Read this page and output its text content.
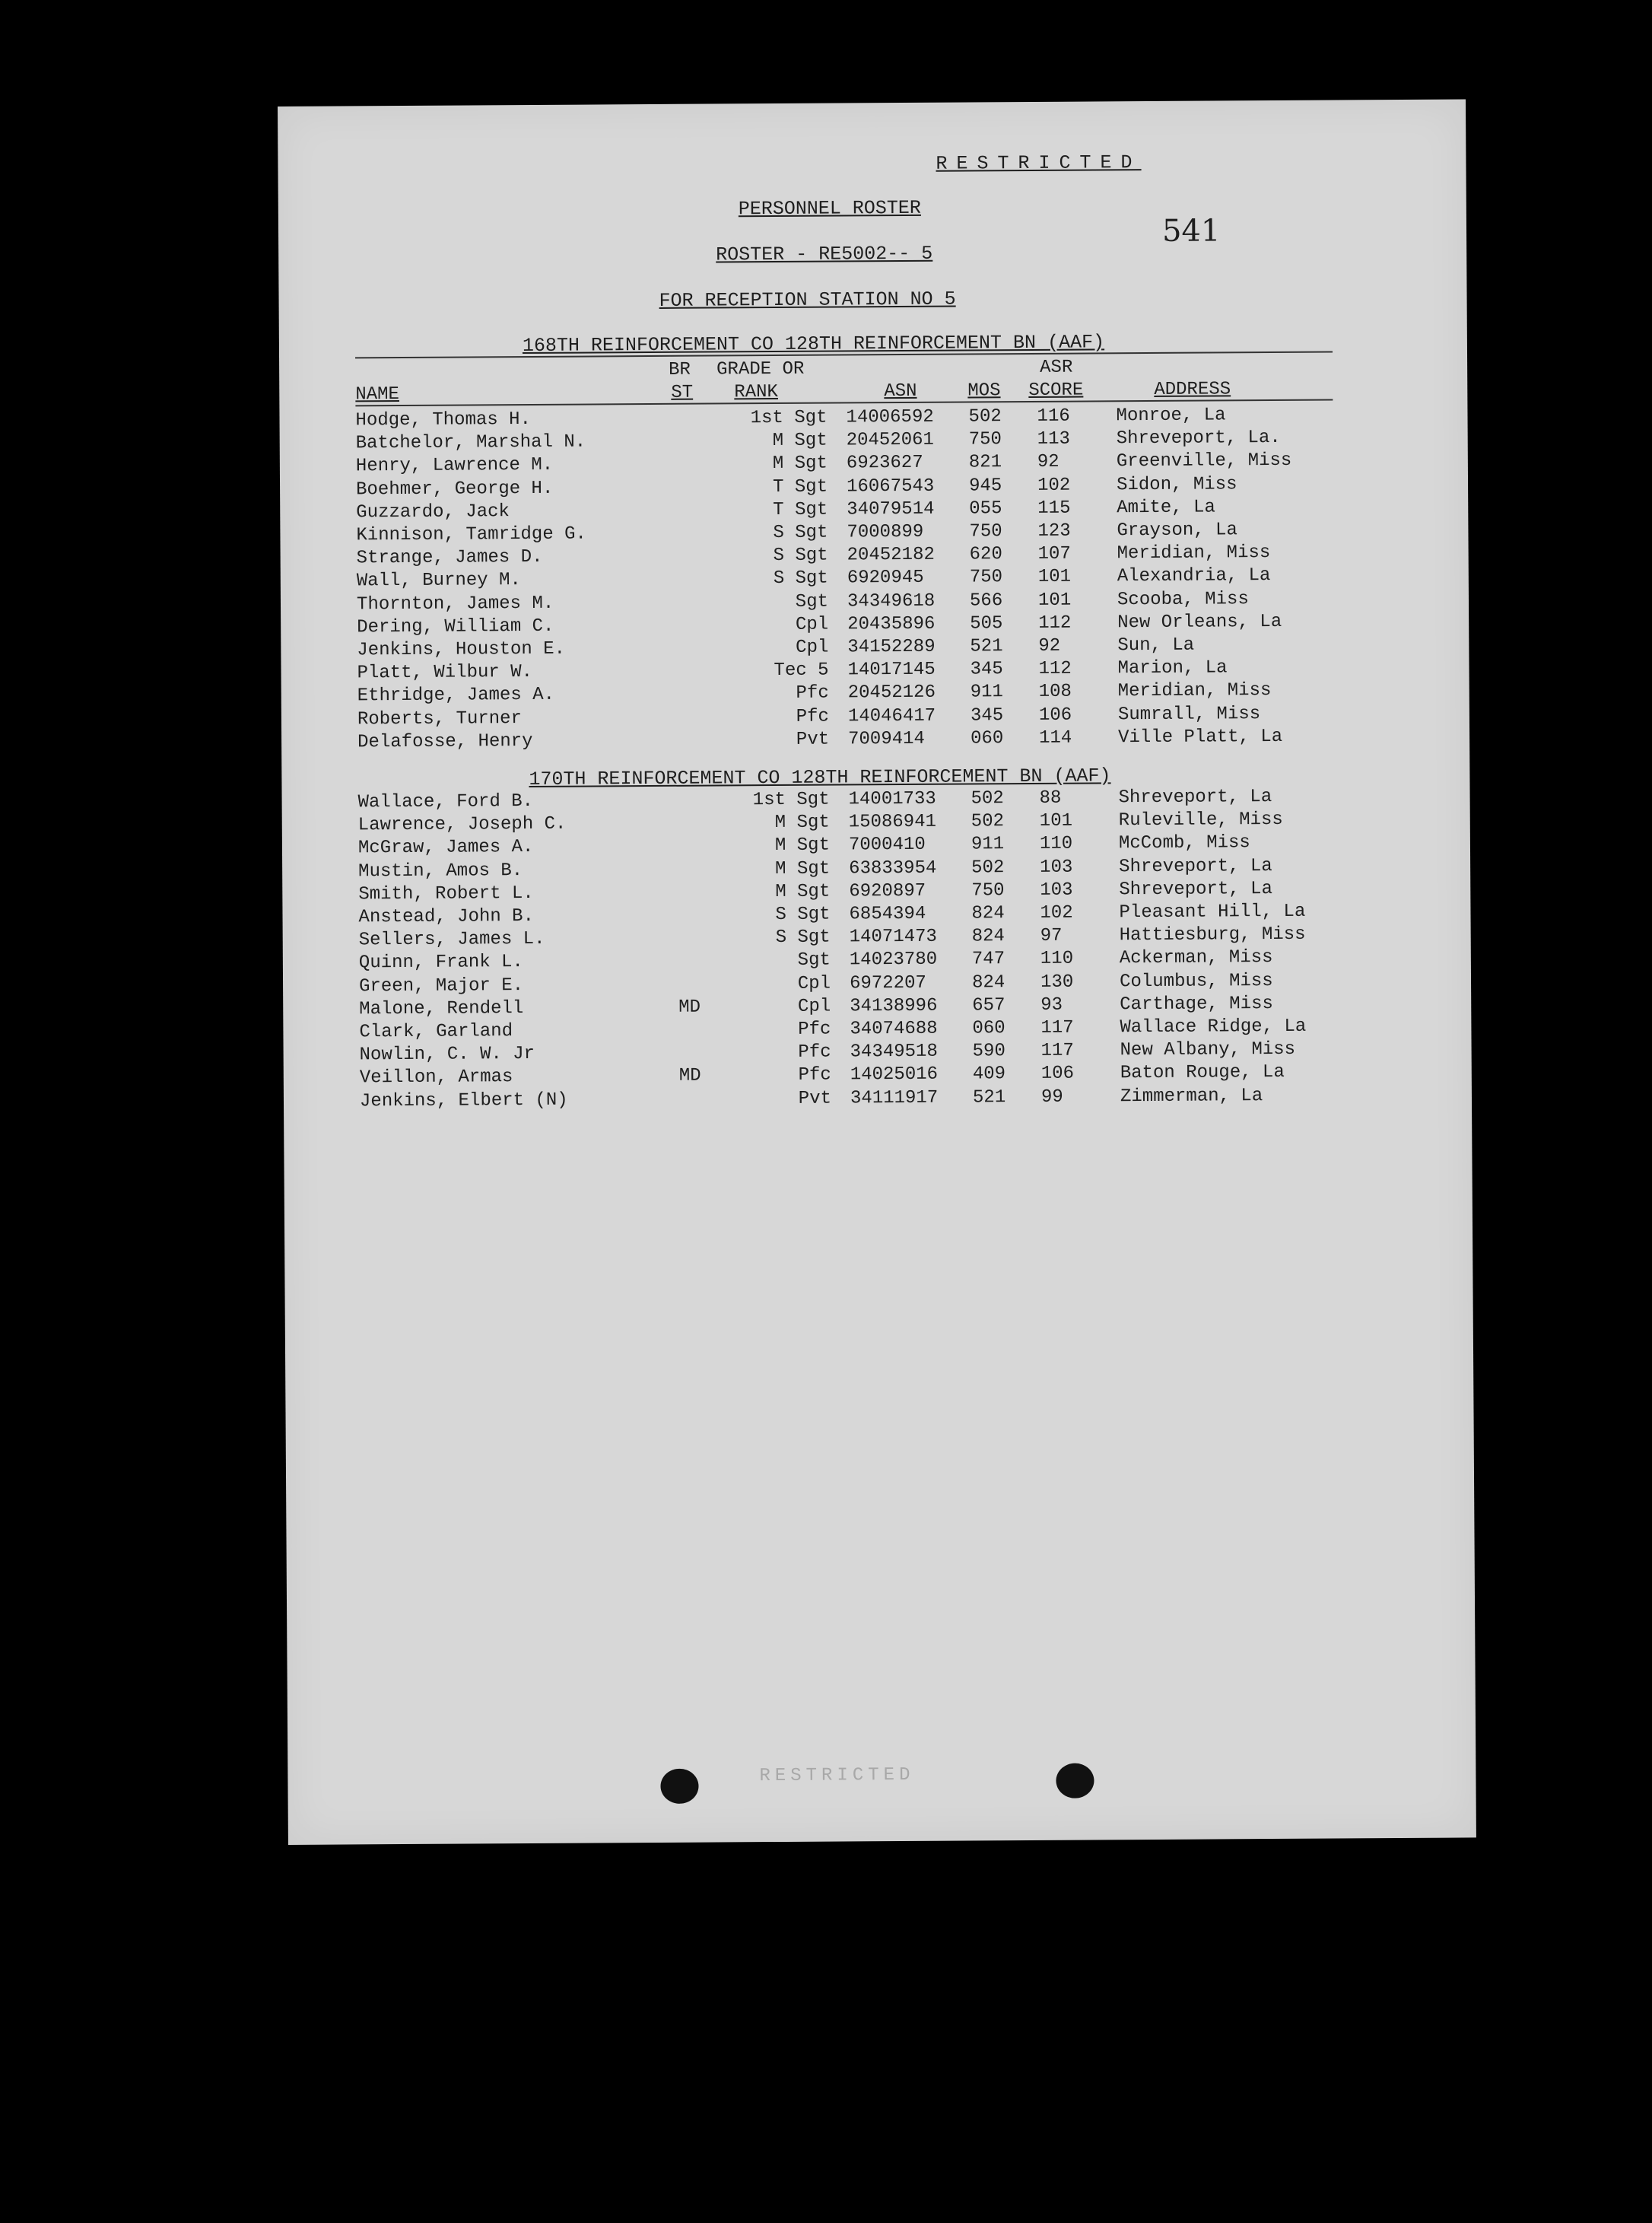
RESTRICTED
PERSONNEL ROSTER
ROSTER - RE5002-- 5
FOR RECEPTION STATION NO 5
541
168TH REINFORCEMENT CO 128TH REINFORCEMENT BN (AAF)
BR GRADE OR	ASR
NAME	ST RANK	ASN	MOS SCORE	ADDRESS
Hodge, Thomas H.	1st Sgt 14006592 502 116	Monroe, La
Batchelor, Marshal N.	M Sgt 20452061 750 113	Shreveport, La.
Henry, Lawrence M.	M Sgt 6923627	821 92	Greenville, Miss
Boehmer, George H.	T Sgt 16067543 945 102	Sidon, Miss
Guzzardo, Jack	T Sgt 34079514 055 115	Amite, La
Kinnison, Tamridge G.	S Sgt 7000899	750 123	Grayson, La
Strange, James D.	S Sgt 20452182 620 107	Meridian, Miss
Wall, Burney M.	S Sgt 6920945	750 101	Alexandria, La
Thornton, James M.	Sgt 34349618 566 101	Scooba, Miss
Dering, William C.	Cpl 20435896 505 112	New Orleans, La
Jenkins, Houston E.	Cpl 34152289 521 92	Sun, La
Platt, Wilbur W.	Tec 5 14017145 345 112	Marion, La
Ethridge, James A.	Pfc 20452126 911 108	Meridian, Miss
Roberts, Turner	Pfc 14046417 345 106	Sumrall, Miss
Delafosse, Henry	Pvt 7009414	060 114	Ville Platt, La
170TH REINFORCEMENT CO 128TH REINFORCEMENT BN (AAF)
Wallace, Ford B.	1st Sgt 14001733 502 88	Shreveport, La
Lawrence, Joseph C.	M Sgt 15086941 502 101	Ruleville, Miss
McGraw, James A.	M Sgt 7000410	911 110	McComb, Miss
Mustin, Amos B.	M Sgt 63833954 502 103	Shreveport, La
Smith, Robert L.	M Sgt 6920897	750 103	Shreveport, La
Anstead, John B.	S Sgt 6854394	824 102	Pleasant Hill, La
Sellers, James L.	S Sgt 14071473 824 97	Hattiesburg, Miss
Quinn, Frank L.	Sgt 14023780 747 110	Ackerman, Miss
Green, Major E.	Cpl 6972207	824 130	Columbus, Miss
Malone, Rendell	MD	Cpl 34138996 657 93	Carthage, Miss
Clark, Garland	Pfc 34074688 060 117	Wallace Ridge, La
Nowlin, C. W. Jr	Pfc 34349518 590 117	New Albany, Miss
Veillon, Armas	MD	Pfc 14025016 409 106	Baton Rouge, La
Jenkins, Elbert (N)	Pvt 34111917 521 99	Zimmerman, La
RESTRICTED
